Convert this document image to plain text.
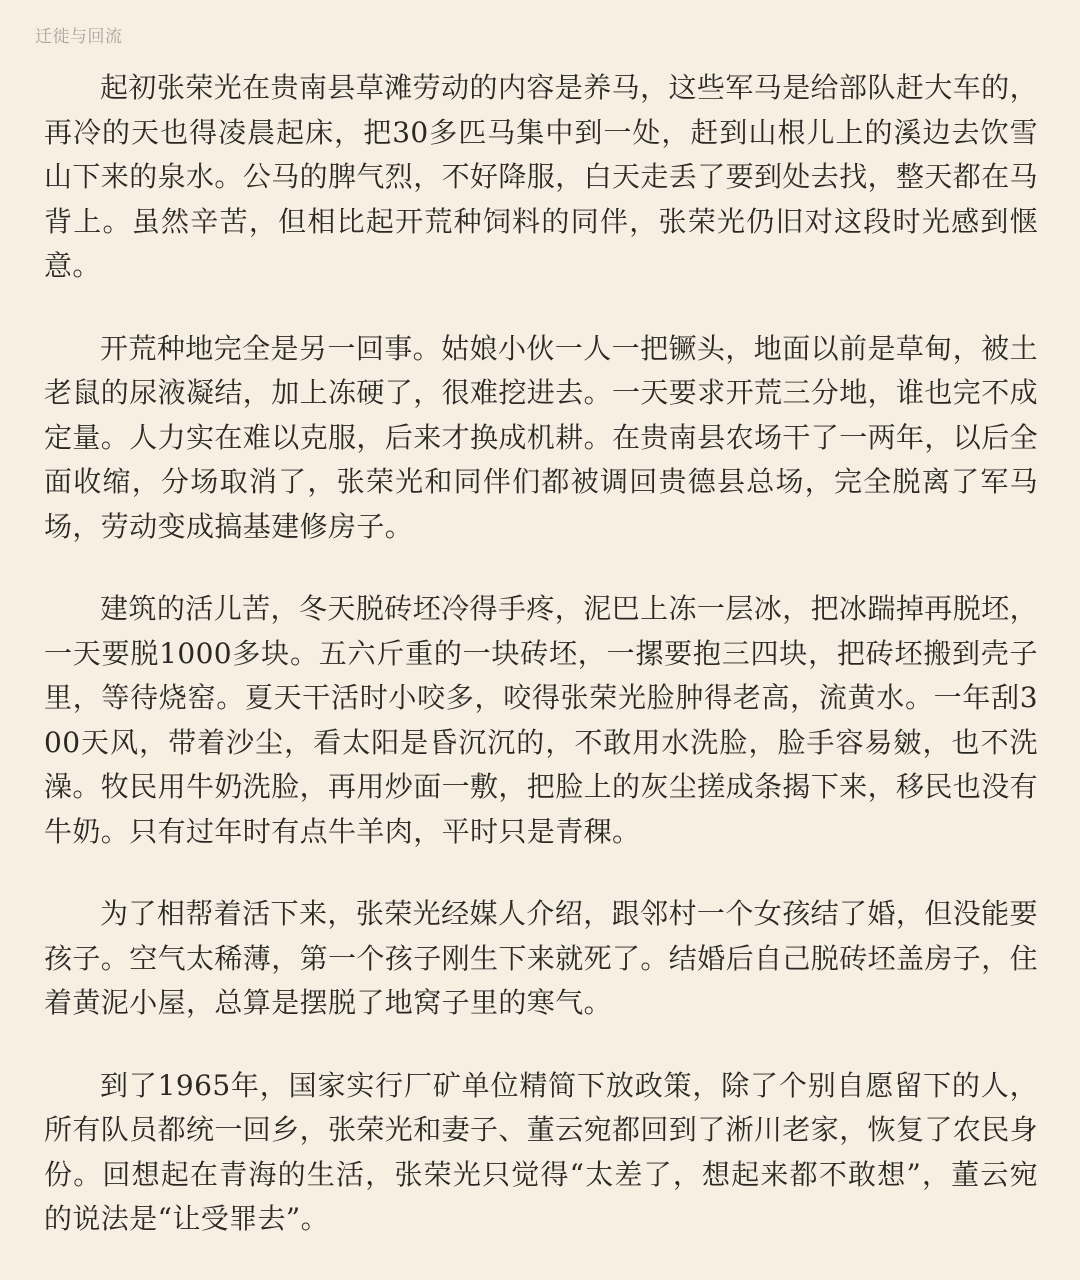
迁徙与回流

起初张荣光在贵南县草滩劳动的内容是养马，这些军马是给部队赶大车的，再冷的天也得凌晨起床，把30多匹马集中到一处，赶到山根儿上的溪边去饮雪山下来的泉水。公马的脾气烈，不好降服，白天走丢了要到处去找，整天都在马背上。虽然辛苦，但相比起开荒种饲料的同伴，张荣光仍旧对这段时光感到惬意。

开荒种地完全是另一回事。姑娘小伙一人一把镢头，地面以前是草甸，被土老鼠的尿液凝结，加上冻硬了，很难挖进去。一天要求开荒三分地，谁也完不成定量。人力实在难以克服，后来才换成机耕。在贵南县农场干了一两年，以后全面收缩，分场取消了，张荣光和同伴们都被调回贵德县总场，完全脱离了军马场，劳动变成搞基建修房子。

建筑的活儿苦，冬天脱砖坯冷得手疼，泥巴上冻一层冰，把冰踹掉再脱坯，一天要脱1000多块。五六斤重的一块砖坯，一摞要抱三四块，把砖坯搬到壳子里，等待烧窑。夏天干活时小咬多，咬得张荣光脸肿得老高，流黄水。一年刮300天风，带着沙尘，看太阳是昏沉沉的，不敢用水洗脸，脸手容易皴，也不洗澡。牧民用牛奶洗脸，再用炒面一敷，把脸上的灰尘搓成条揭下来，移民也没有牛奶。只有过年时有点牛羊肉，平时只是青稞。

为了相帮着活下来，张荣光经媒人介绍，跟邻村一个女孩结了婚，但没能要孩子。空气太稀薄，第一个孩子刚生下来就死了。结婚后自己脱砖坯盖房子，住着黄泥小屋，总算是摆脱了地窝子里的寒气。

到了1965年，国家实行厂矿单位精简下放政策，除了个别自愿留下的人，所有队员都统一回乡，张荣光和妻子、董云宛都回到了淅川老家，恢复了农民身份。回想起在青海的生活，张荣光只觉得“太差了，想起来都不敢想”，董云宛的说法是“让受罪去”。
